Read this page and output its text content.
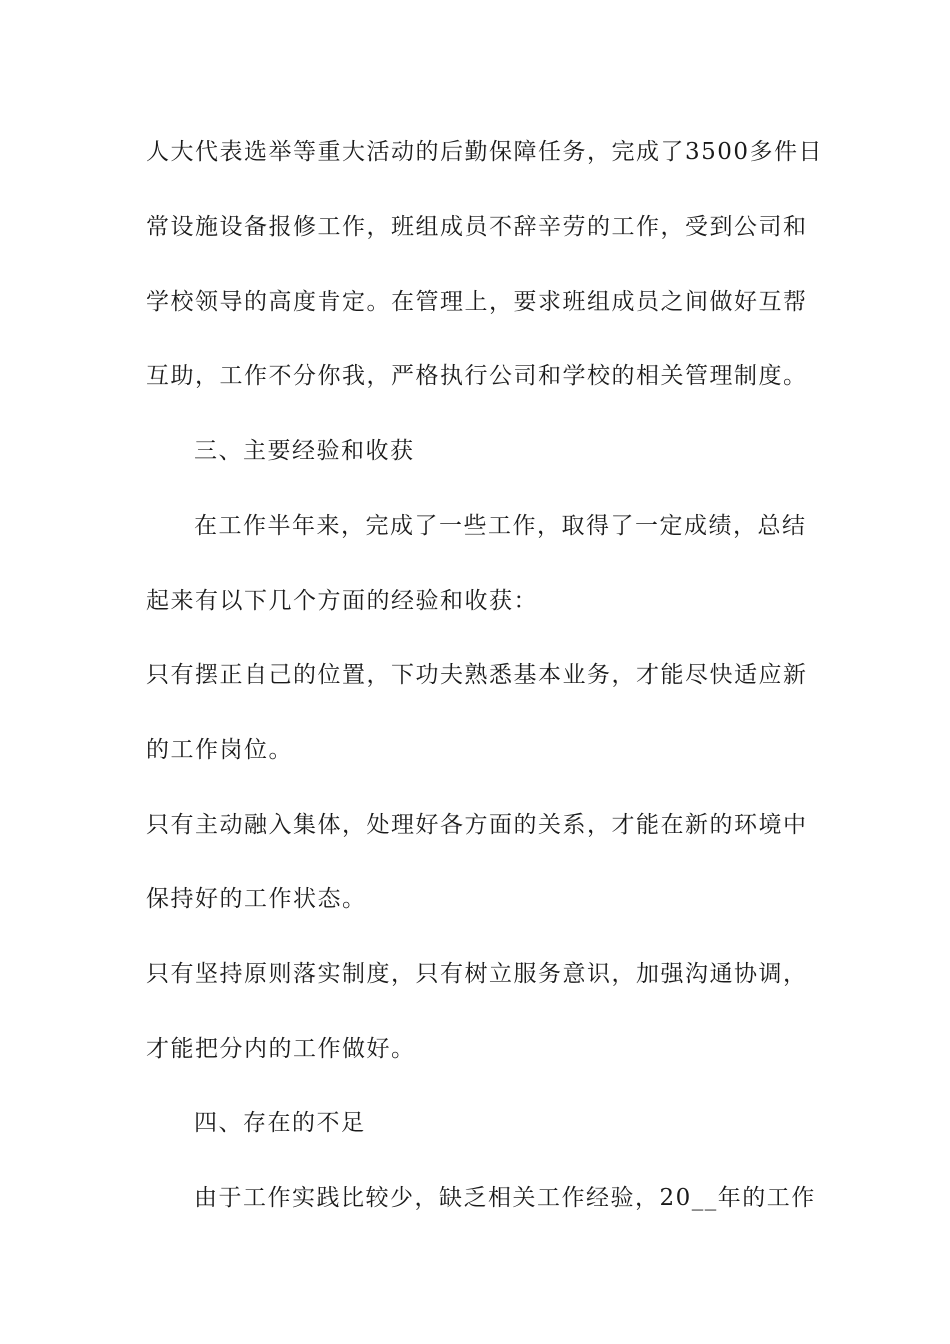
人大代表选举等重大活动的后勤保障任务，完成了3500多件日
常设施设备报修工作，班组成员不辞辛劳的工作，受到公司和
学校领导的高度肯定。在管理上，要求班组成员之间做好互帮
互助，工作不分你我，严格执行公司和学校的相关管理制度。
三、主要经验和收获
在工作半年来，完成了一些工作，取得了一定成绩，总结
起来有以下几个方面的经验和收获：
只有摆正自己的位置，下功夫熟悉基本业务，才能尽快适应新
的工作岗位。
只有主动融入集体，处理好各方面的关系，才能在新的环境中
保持好的工作状态。
只有坚持原则落实制度，只有树立服务意识，加强沟通协调，
才能把分内的工作做好。
四、存在的不足
由于工作实践比较少，缺乏相关工作经验，20__年的工作
